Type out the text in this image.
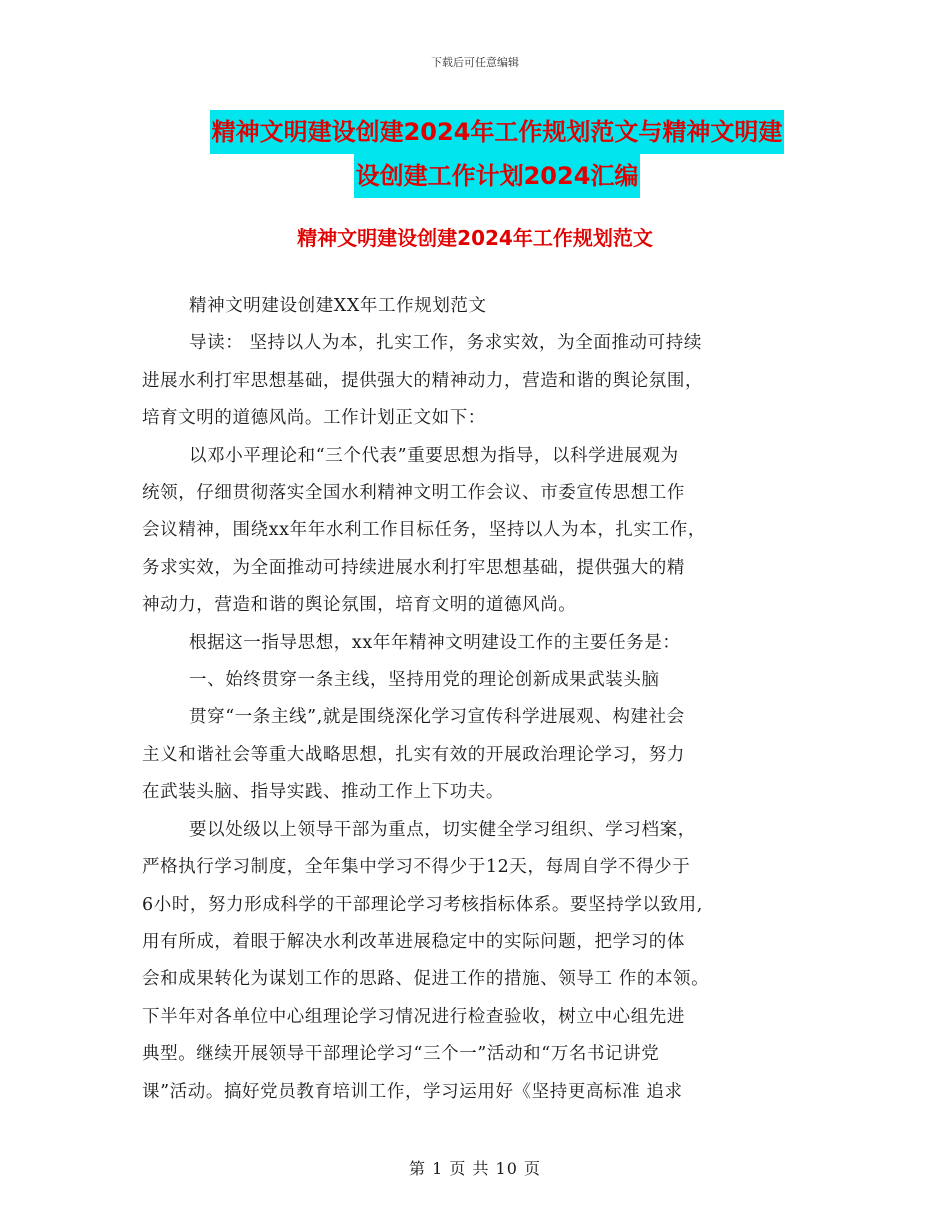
下载后可任意编辑
精神文明建设创建2024年工作规划范文与精神文明建
设创建工作计划2024汇编
精神文明建设创建2024年工作规划范文

精神文明建设创建XX年工作规划范文

导读： 坚持以人为本，扎实工作，务求实效，为全面推动可持续
进展水利打牢思想基础，提供强大的精神动力，营造和谐的舆论氛围，
培育文明的道德风尚。工作计划正文如下：

以邓小平理论和“三个代表”重要思想为指导，以科学进展观为
统领，仔细贯彻落实全国水利精神文明工作会议、市委宣传思想工作
会议精神，围绕xx年年水利工作目标任务，坚持以人为本，扎实工作，
务求实效，为全面推动可持续进展水利打牢思想基础，提供强大的精
神动力，营造和谐的舆论氛围，培育文明的道德风尚。

根据这一指导思想，xx年年精神文明建设工作的主要任务是：

一、始终贯穿一条主线，坚持用党的理论创新成果武装头脑

贯穿“一条主线”,就是围绕深化学习宣传科学进展观、构建社会
主义和谐社会等重大战略思想，扎实有效的开展政治理论学习，努力
在武装头脑、指导实践、推动工作上下功夫。

要以处级以上领导干部为重点，切实健全学习组织、学习档案，
严格执行学习制度，全年集中学习不得少于12天，每周自学不得少于
6小时，努力形成科学的干部理论学习考核指标体系。要坚持学以致用,
用有所成，着眼于解决水利改革进展稳定中的实际问题，把学习的体
会和成果转化为谋划工作的思路、促进工作的措施、领导工 作的本领。
下半年对各单位中心组理论学习情况进行检查验收，树立中心组先进
典型。继续开展领导干部理论学习“三个一”活动和“万名书记讲党
课”活动。搞好党员教育培训工作，学习运用好《坚持更高标准 追求

第 1 页 共 10 页
